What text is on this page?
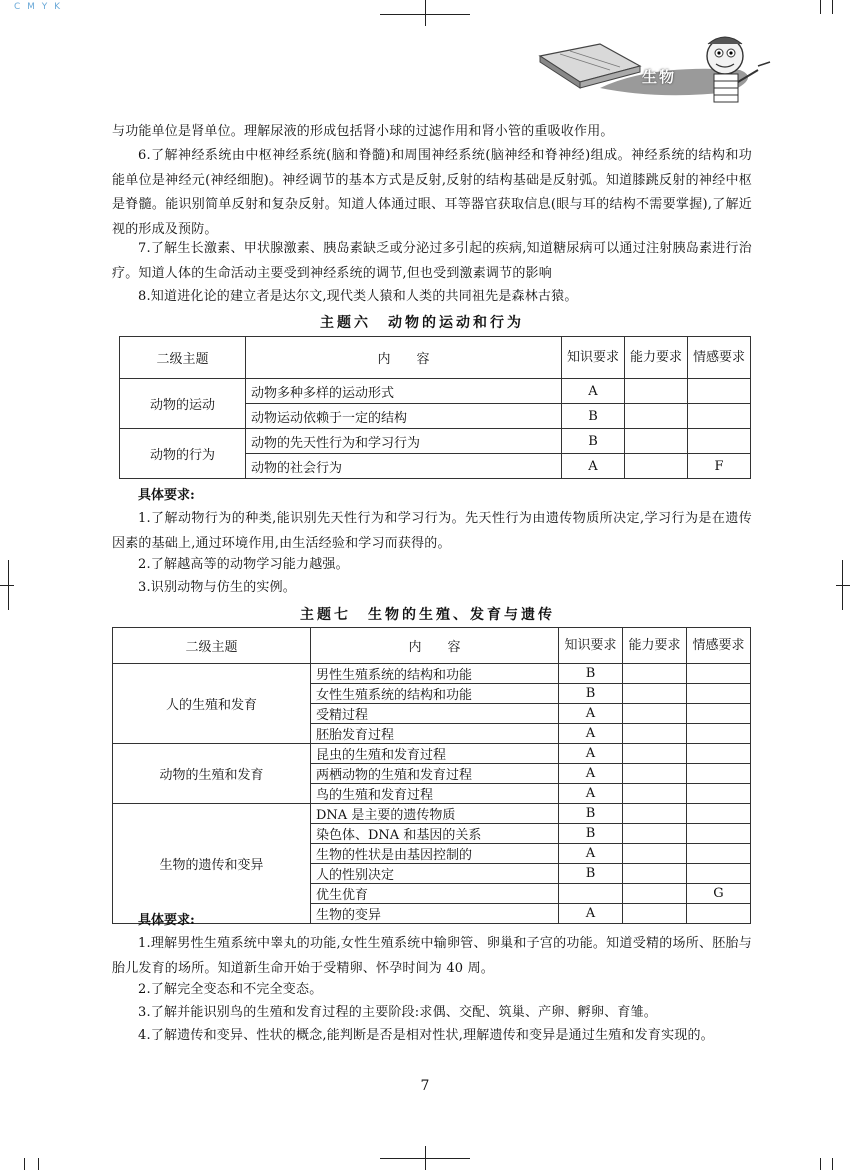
C M Y K
生物

与功能单位是肾单位。理解尿液的形成包括肾小球的过滤作用和肾小管的重吸收作用。

6.了解神经系统由中枢神经系统(脑和脊髓)和周围神经系统(脑神经和脊神经)组成。神经系统的结构和功能单位是神经元(神经细胞)。神经调节的基本方式是反射,反射的结构基础是反射弧。知道膝跳反射的神经中枢是脊髓。能识别简单反射和复杂反射。知道人体通过眼、耳等器官获取信息(眼与耳的结构不需要掌握),了解近视的形成及预防。

7.了解生长激素、甲状腺激素、胰岛素缺乏或分泌过多引起的疾病,知道糖尿病可以通过注射胰岛素进行治疗。知道人体的生命活动主要受到神经系统的调节,但也受到激素调节的影响

8.知道进化论的建立者是达尔文,现代类人猿和人类的共同祖先是森林古猿。

主题六　动物的运动和行为
二级主题	内　　容	知识要求	能力要求	情感要求
动物的运动	动物多种多样的运动形式	A		
	动物运动依赖于一定的结构	B		
动物的行为	动物的先天性行为和学习行为	B		
	动物的社会行为	A		F
具体要求:

1.了解动物行为的种类,能识别先天性行为和学习行为。先天性行为由遗传物质所决定,学习行为是在遗传因素的基础上,通过环境作用,由生活经验和学习而获得的。

2.了解越高等的动物学习能力越强。

3.识别动物与仿生的实例。

主题七　生物的生殖、发育与遗传
二级主题	内　　容	知识要求	能力要求	情感要求
人的生殖和发育	男性生殖系统的结构和功能	B		
	女性生殖系统的结构和功能	B		
	受精过程	A		
	胚胎发育过程	A		
动物的生殖和发育	昆虫的生殖和发育过程	A		
	两栖动物的生殖和发育过程	A		
	鸟的生殖和发育过程	A		
生物的遗传和变异	DNA 是主要的遗传物质	B		
	染色体、DNA 和基因的关系	B		
	生物的性状是由基因控制的	A		
	人的性别决定	B		
	优生优育			G
	生物的变异	A		
具体要求:

1.理解男性生殖系统中睾丸的功能,女性生殖系统中输卵管、卵巢和子宫的功能。知道受精的场所、胚胎与胎儿发育的场所。知道新生命开始于受精卵、怀孕时间为 40 周。

2.了解完全变态和不完全变态。

3.了解并能识别鸟的生殖和发育过程的主要阶段:求偶、交配、筑巢、产卵、孵卵、育雏。

4.了解遗传和变异、性状的概念,能判断是否是相对性状,理解遗传和变异是通过生殖和发育实现的。

7
